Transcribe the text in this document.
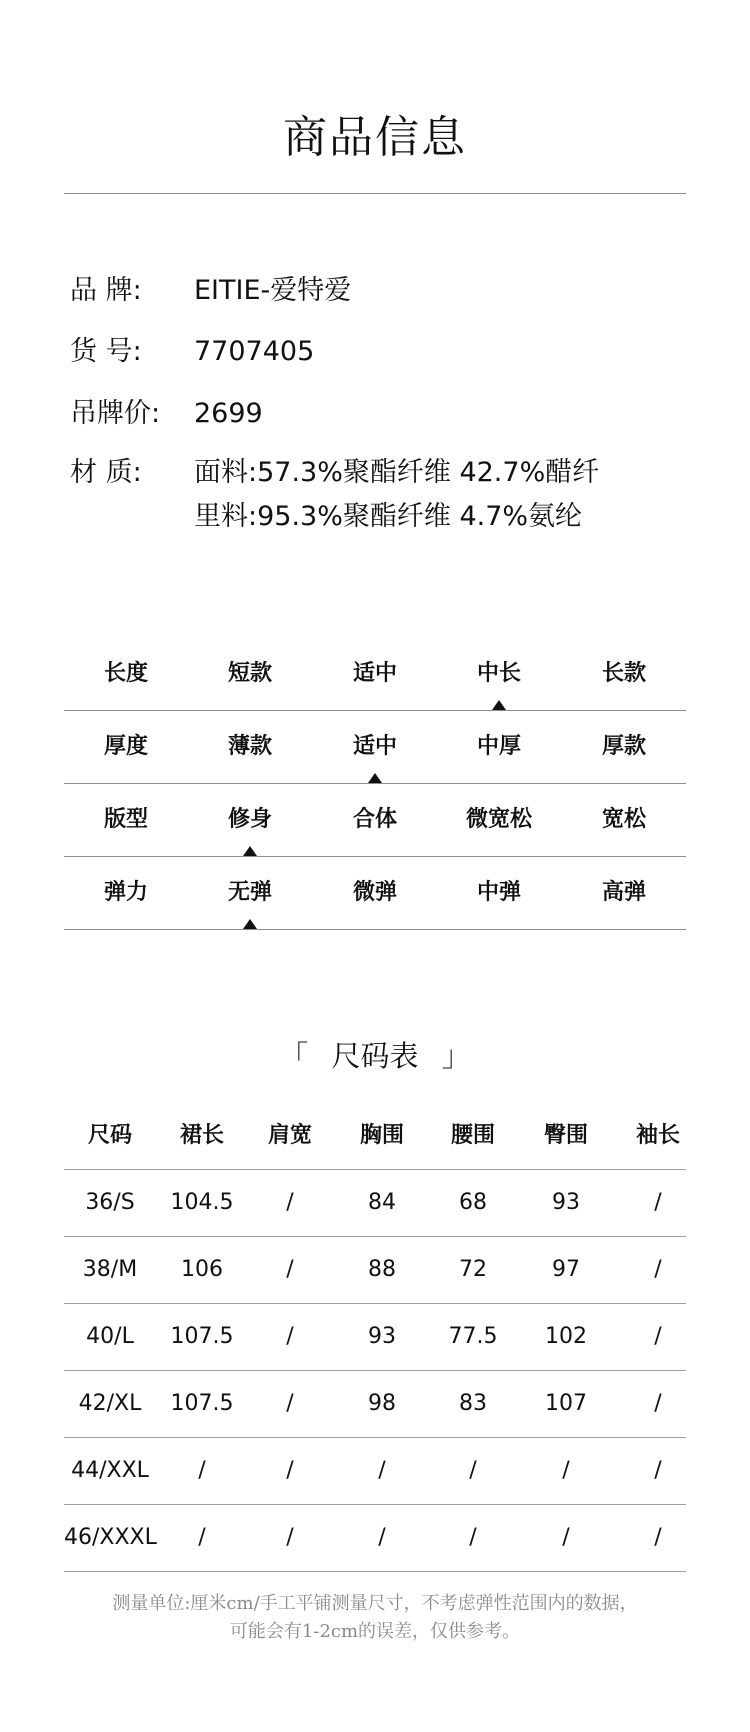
商品信息
品 牌: EITIE-爱特爱
货 号: 7707405
吊牌价: 2699
材 质: 面料:57.3%聚酯纤维 42.7%醋纤
里料:95.3%聚酯纤维 4.7%氨纶
长度	短款	适中	中长	长款
厚度	薄款	适中	中厚	厚款
版型	修身	合体	微宽松	宽松
弹力	无弹	微弹	中弹	高弹
「 尺码表 」
尺码	裙长	肩宽	胸围	腰围	臀围	袖长
36/S	104.5	/	84	68	93	/
38/M	106	/	88	72	97	/
40/L	107.5	/	93	77.5	102	/
42/XL	107.5	/	98	83	107	/
44/XXL	/	/	/	/	/	/
46/XXXL	/	/	/	/	/	/
测量单位:厘米cm/手工平铺测量尺寸，不考虑弹性范围内的数据，
可能会有1-2cm的误差，仅供参考。
